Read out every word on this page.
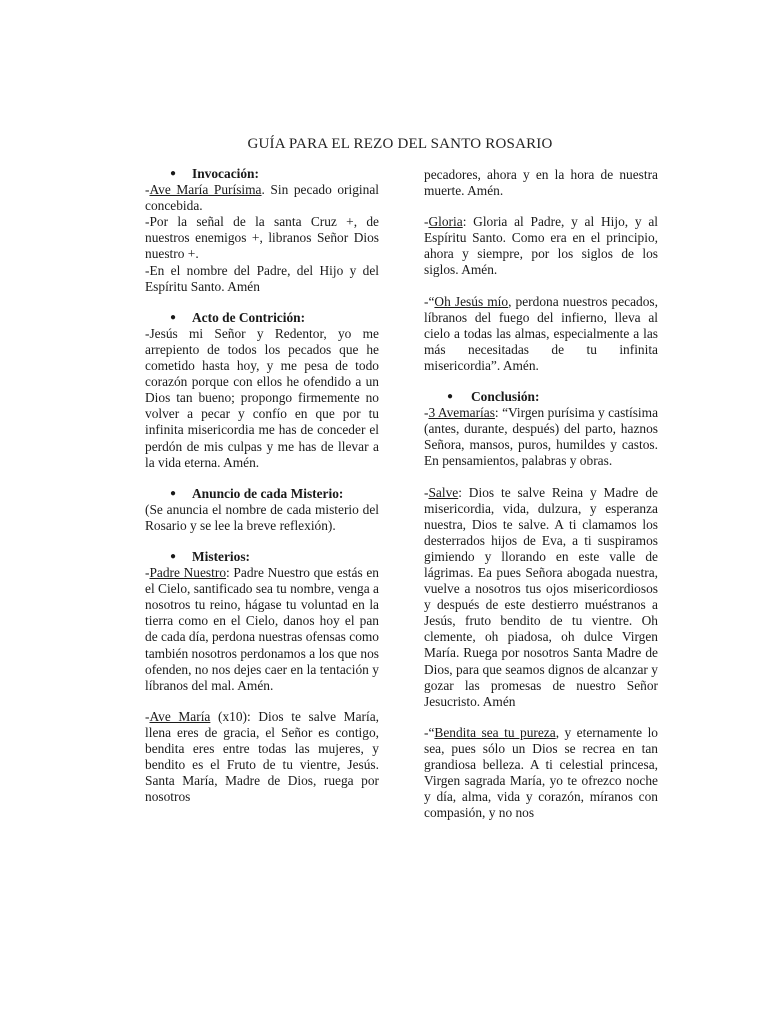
GUÍA PARA EL REZO DEL SANTO ROSARIO
● Invocación:
-Ave María Purísima. Sin pecado original concebida.
-Por la señal de la santa Cruz +, de nuestros enemigos +, libranos Señor Dios nuestro +.
-En el nombre del Padre, del Hijo y del Espíritu Santo. Amén
● Acto de Contrición:
-Jesús mi Señor y Redentor, yo me arrepiento de todos los pecados que he cometido hasta hoy, y me pesa de todo corazón porque con ellos he ofendido a un Dios tan bueno; propongo firmemente no volver a pecar y confío en que por tu infinita misericordia me has de conceder el perdón de mis culpas y me has de llevar a la vida eterna. Amén.
● Anuncio de cada Misterio:
(Se anuncia el nombre de cada misterio del Rosario y se lee la breve reflexión).
● Misterios:
-Padre Nuestro: Padre Nuestro que estás en el Cielo, santificado sea tu nombre, venga a nosotros tu reino, hágase tu voluntad en la tierra como en el Cielo, danos hoy el pan de cada día, perdona nuestras ofensas como también nosotros perdonamos a los que nos ofenden, no nos dejes caer en la tentación y líbranos del mal. Amén.
-Ave María (x10): Dios te salve María, llena eres de gracia, el Señor es contigo, bendita eres entre todas las mujeres, y bendito es el Fruto de tu vientre, Jesús. Santa María, Madre de Dios, ruega por nosotros
pecadores, ahora y en la hora de nuestra muerte. Amén.
-Gloria: Gloria al Padre, y al Hijo, y al Espíritu Santo. Como era en el principio, ahora y siempre, por los siglos de los siglos. Amén.
-“Oh Jesús mío, perdona nuestros pecados, líbranos del fuego del infierno, lleva al cielo a todas las almas, especialmente a las más necesitadas de tu infinita misericordia”. Amén.
● Conclusión:
-3 Avemarías: “Virgen purísima y castísima (antes, durante, después) del parto, haznos Señora, mansos, puros, humildes y castos. En pensamientos, palabras y obras.
-Salve: Dios te salve Reina y Madre de misericordia, vida, dulzura, y esperanza nuestra, Dios te salve. A ti clamamos los desterrados hijos de Eva, a ti suspiramos gimiendo y llorando en este valle de lágrimas. Ea pues Señora abogada nuestra, vuelve a nosotros tus ojos misericordiosos y después de este destierro muéstranos a Jesús, fruto bendito de tu vientre. Oh clemente, oh piadosa, oh dulce Virgen María. Ruega por nosotros Santa Madre de Dios, para que seamos dignos de alcanzar y gozar las promesas de nuestro Señor Jesucristo. Amén
-“Bendita sea tu pureza, y eternamente lo sea, pues sólo un Dios se recrea en tan grandiosa belleza. A ti celestial princesa, Virgen sagrada María, yo te ofrezco noche y día, alma, vida y corazón, míranos con compasión, y no nos
